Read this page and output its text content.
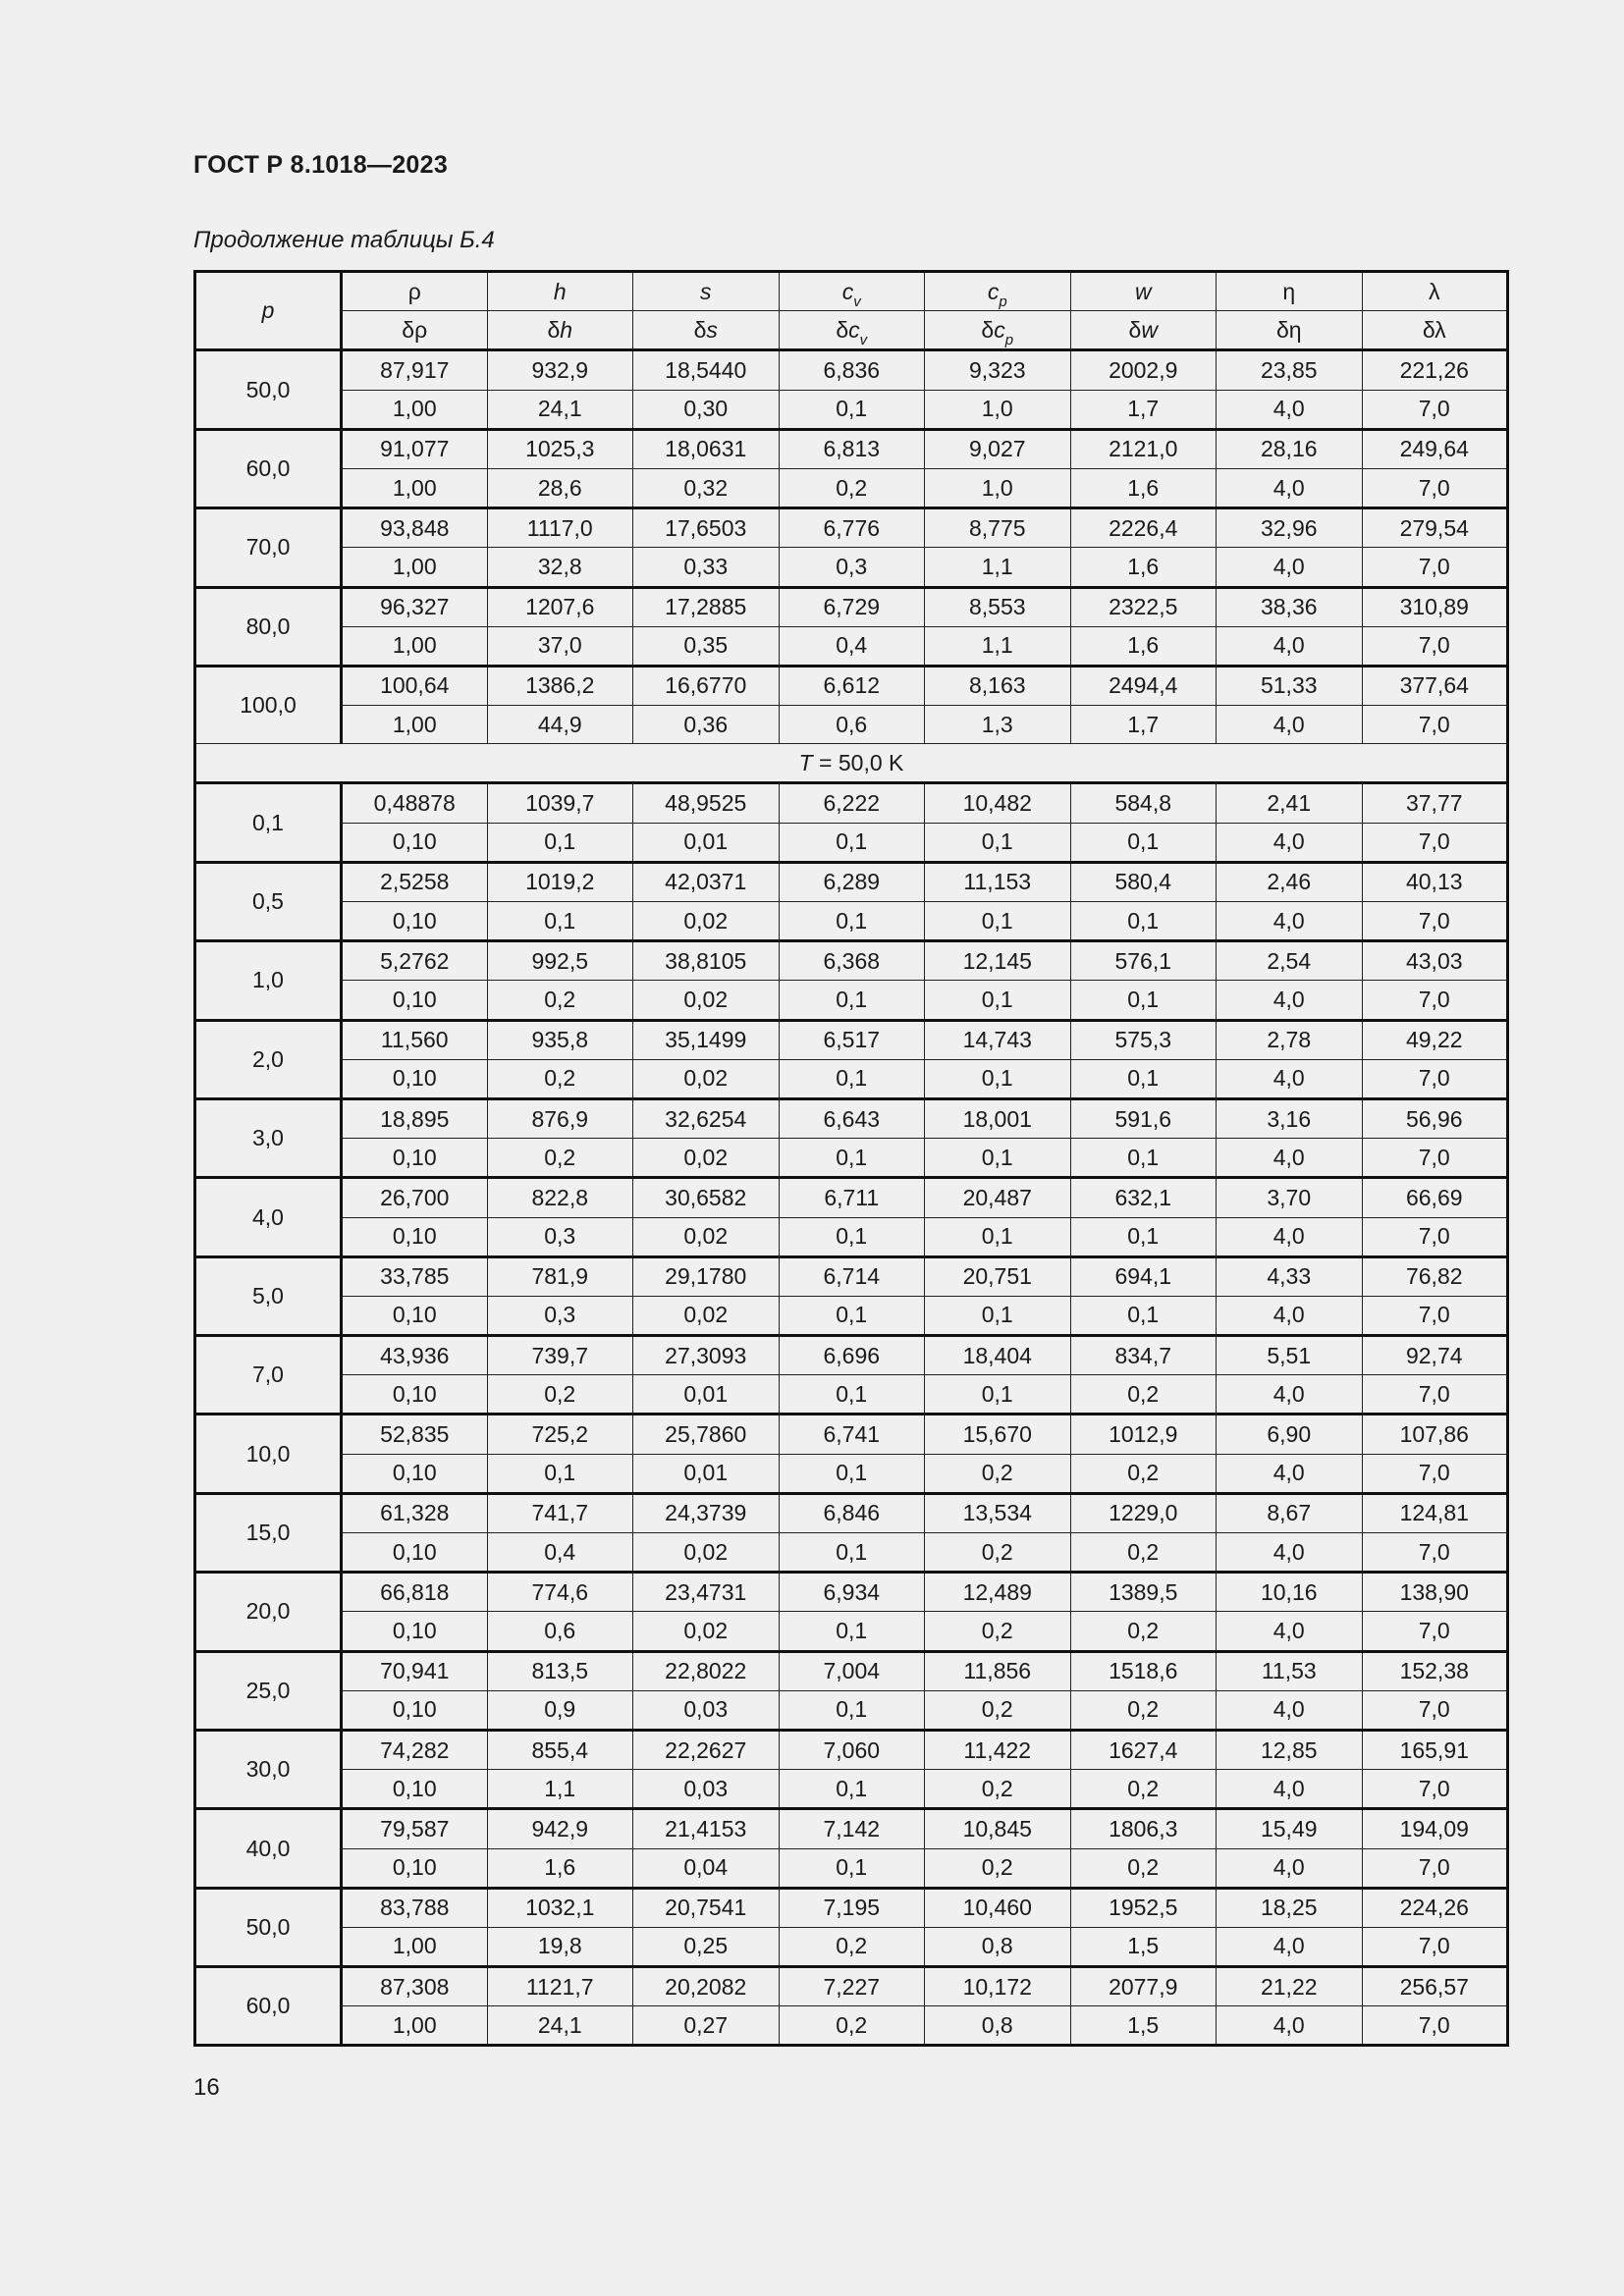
ГОСТ Р 8.1018—2023
Продолжение таблицы Б.4
p	ρ	h	s	$c_v$	$c_p$	w	η	λ
	δρ	δh	δs	$\delta c_v$	$\delta c_p$	δw	δη	δλ
50,0	87,917	932,9	18,5440	6,836	9,323	2002,9	23,85	221,26
	1,00	24,1	0,30	0,1	1,0	1,7	4,0	7,0
60,0	91,077	1025,3	18,0631	6,813	9,027	2121,0	28,16	249,64
	1,00	28,6	0,32	0,2	1,0	1,6	4,0	7,0
70,0	93,848	1117,0	17,6503	6,776	8,775	2226,4	32,96	279,54
	1,00	32,8	0,33	0,3	1,1	1,6	4,0	7,0
80,0	96,327	1207,6	17,2885	6,729	8,553	2322,5	38,36	310,89
	1,00	37,0	0,35	0,4	1,1	1,6	4,0	7,0
100,0	100,64	1386,2	16,6770	6,612	8,163	2494,4	51,33	377,64
	1,00	44,9	0,36	0,6	1,3	1,7	4,0	7,0
T = 50,0 K								
0,1	0,48878	1039,7	48,9525	6,222	10,482	584,8	2,41	37,77
	0,10	0,1	0,01	0,1	0,1	0,1	4,0	7,0
0,5	2,5258	1019,2	42,0371	6,289	11,153	580,4	2,46	40,13
	0,10	0,1	0,02	0,1	0,1	0,1	4,0	7,0
1,0	5,2762	992,5	38,8105	6,368	12,145	576,1	2,54	43,03
	0,10	0,2	0,02	0,1	0,1	0,1	4,0	7,0
2,0	11,560	935,8	35,1499	6,517	14,743	575,3	2,78	49,22
	0,10	0,2	0,02	0,1	0,1	0,1	4,0	7,0
3,0	18,895	876,9	32,6254	6,643	18,001	591,6	3,16	56,96
	0,10	0,2	0,02	0,1	0,1	0,1	4,0	7,0
4,0	26,700	822,8	30,6582	6,711	20,487	632,1	3,70	66,69
	0,10	0,3	0,02	0,1	0,1	0,1	4,0	7,0
5,0	33,785	781,9	29,1780	6,714	20,751	694,1	4,33	76,82
	0,10	0,3	0,02	0,1	0,1	0,1	4,0	7,0
7,0	43,936	739,7	27,3093	6,696	18,404	834,7	5,51	92,74
	0,10	0,2	0,01	0,1	0,1	0,2	4,0	7,0
10,0	52,835	725,2	25,7860	6,741	15,670	1012,9	6,90	107,86
	0,10	0,1	0,01	0,1	0,2	0,2	4,0	7,0
15,0	61,328	741,7	24,3739	6,846	13,534	1229,0	8,67	124,81
	0,10	0,4	0,02	0,1	0,2	0,2	4,0	7,0
20,0	66,818	774,6	23,4731	6,934	12,489	1389,5	10,16	138,90
	0,10	0,6	0,02	0,1	0,2	0,2	4,0	7,0
25,0	70,941	813,5	22,8022	7,004	11,856	1518,6	11,53	152,38
	0,10	0,9	0,03	0,1	0,2	0,2	4,0	7,0
30,0	74,282	855,4	22,2627	7,060	11,422	1627,4	12,85	165,91
	0,10	1,1	0,03	0,1	0,2	0,2	4,0	7,0
40,0	79,587	942,9	21,4153	7,142	10,845	1806,3	15,49	194,09
	0,10	1,6	0,04	0,1	0,2	0,2	4,0	7,0
50,0	83,788	1032,1	20,7541	7,195	10,460	1952,5	18,25	224,26
	1,00	19,8	0,25	0,2	0,8	1,5	4,0	7,0
60,0	87,308	1121,7	20,2082	7,227	10,172	2077,9	21,22	256,57
	1,00	24,1	0,27	0,2	0,8	1,5	4,0	7,0
16
